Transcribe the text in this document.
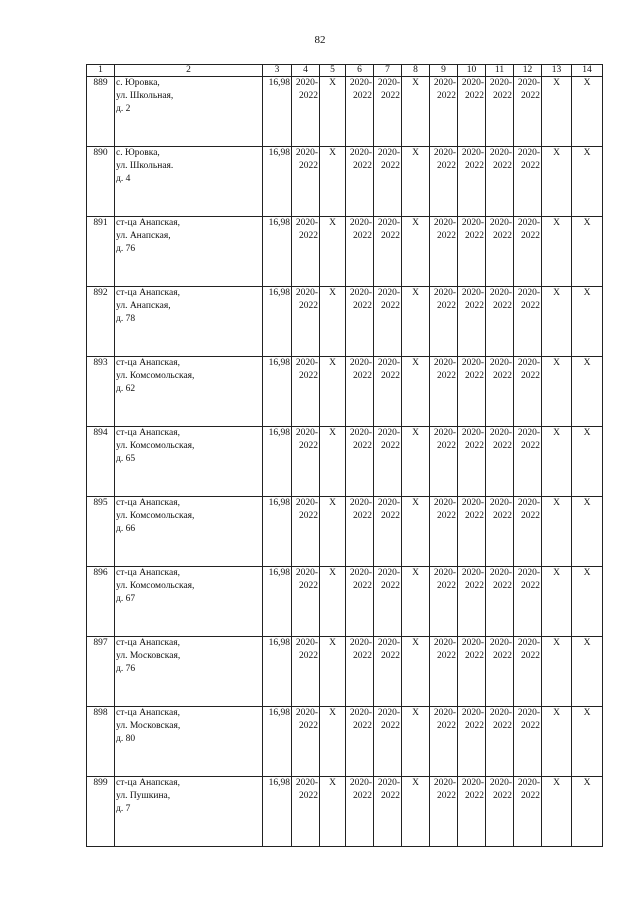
82
1	2	3	4	5	6	7	8	9	10	11	12	13	14
889	с. Юровка,
ул. Школьная,
д. 2	16,98	2020-
2022	X	2020-
2022	2020-
2022	X	2020-
2022	2020-
2022	2020-
2022	2020-
2022	X	X
890	с. Юровка,
ул. Школьная.
д. 4	16,98	2020-
2022	X	2020-
2022	2020-
2022	X	2020-
2022	2020-
2022	2020-
2022	2020-
2022	X	X
891	ст-ца Анапская,
ул. Анапская,
д. 76	16,98	2020-
2022	X	2020-
2022	2020-
2022	X	2020-
2022	2020-
2022	2020-
2022	2020-
2022	X	X
892	ст-ца Анапская,
ул. Анапская,
д. 78	16,98	2020-
2022	X	2020-
2022	2020-
2022	X	2020-
2022	2020-
2022	2020-
2022	2020-
2022	X	X
893	ст-ца Анапская,
ул. Комсомольская,
д. 62	16,98	2020-
2022	X	2020-
2022	2020-
2022	X	2020-
2022	2020-
2022	2020-
2022	2020-
2022	X	X
894	ст-ца Анапская,
ул. Комсомольская,
д. 65	16,98	2020-
2022	X	2020-
2022	2020-
2022	X	2020-
2022	2020-
2022	2020-
2022	2020-
2022	X	X
895	ст-ца Анапская,
ул. Комсомольская,
д. 66	16,98	2020-
2022	X	2020-
2022	2020-
2022	X	2020-
2022	2020-
2022	2020-
2022	2020-
2022	X	X
896	ст-ца Анапская,
ул. Комсомольская,
д. 67	16,98	2020-
2022	X	2020-
2022	2020-
2022	X	2020-
2022	2020-
2022	2020-
2022	2020-
2022	X	X
897	ст-ца Анапская,
ул. Московская,
д. 76	16,98	2020-
2022	X	2020-
2022	2020-
2022	X	2020-
2022	2020-
2022	2020-
2022	2020-
2022	X	X
898	ст-ца Анапская,
ул. Московская,
д. 80	16,98	2020-
2022	X	2020-
2022	2020-
2022	X	2020-
2022	2020-
2022	2020-
2022	2020-
2022	X	X
899	ст-ца Анапская,
ул. Пушкина,
д. 7	16,98	2020-
2022	X	2020-
2022	2020-
2022	X	2020-
2022	2020-
2022	2020-
2022	2020-
2022	X	X
